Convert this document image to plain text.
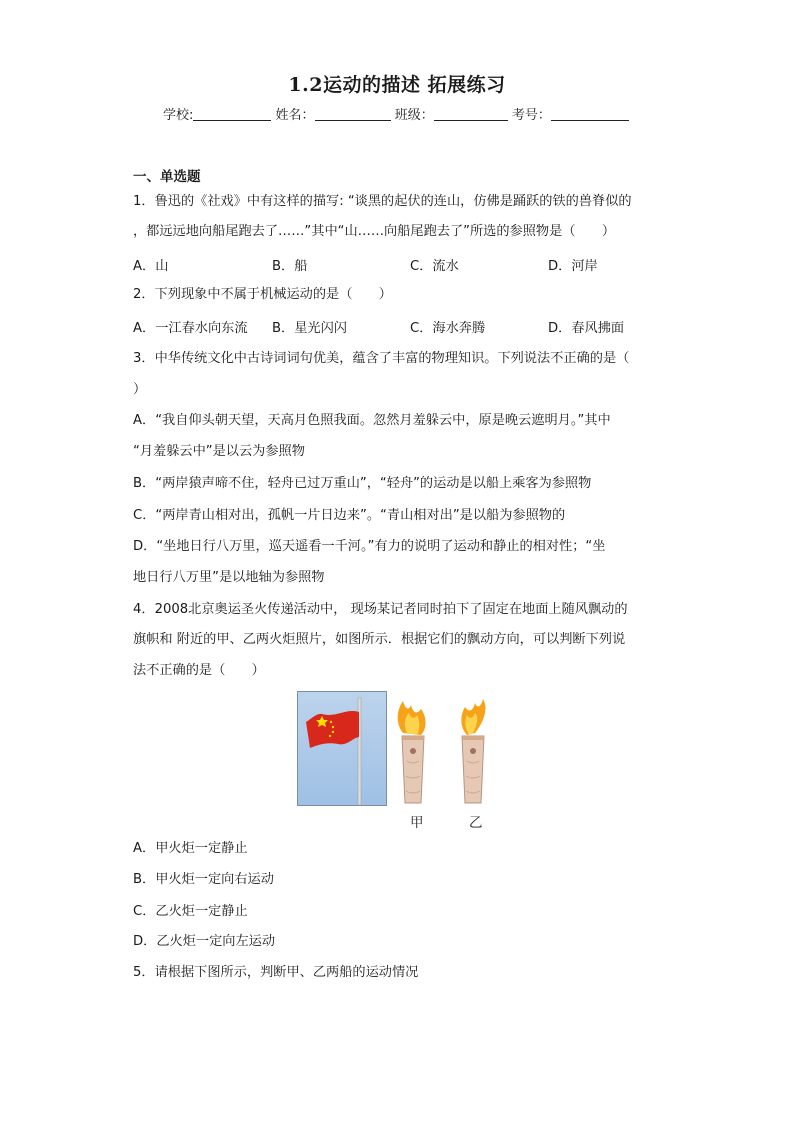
1.2运动的描述 拓展练习
学校:	姓名：	班级：	考号：
一、单选题
1．鲁迅的《社戏》中有这样的描写: “谈黑的起伏的连山，仿佛是踊跃的铁的兽脊似的
，都远远地向船尾跑去了……”其中“山……向船尾跑去了”所选的参照物是（　　）
A．山	B．船	C．流水	D．河岸
2．下列现象中不属于机械运动的是（　　）
A．一江春水向东流 B．星光闪闪	C．海水奔腾	D．春风拂面
3．中华传统文化中古诗词词句优美，蕴含了丰富的物理知识。下列说法不正确的是（
）
A．“我自仰头朝天望，天高月色照我面。忽然月羞躲云中，原是晚云遮明月。”其中
“月羞躲云中”是以云为参照物
B．“两岸猿声啼不住，轻舟已过万重山”，“轻舟”的运动是以船上乘客为参照物
C．“两岸青山相对出，孤帆一片日边来”。“青山相对出”是以船为参照物的
D．“坐地日行八万里，巡天遥看一千河。”有力的说明了运动和静止的相对性；“坐
地日行八万里”是以地轴为参照物
4．2008北京奥运圣火传递活动中， 现场某记者同时拍下了固定在地面上随风飘动的
旗帜和 附近的甲、乙两火炬照片，如图所示．根据它们的飘动方向，可以判断下列说
法不正确的是（　　）
甲	乙
A．甲火炬一定静止
B．甲火炬一定向右运动
C．乙火炬一定静止
D．乙火炬一定向左运动
5．请根据下图所示，判断甲、乙两船的运动情况
